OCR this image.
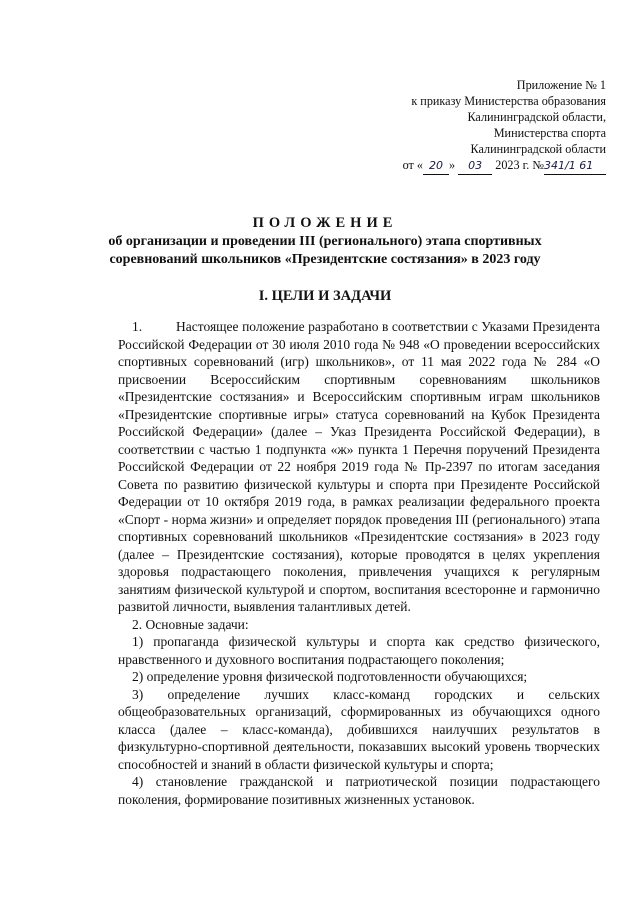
Приложение № 1
к приказу Министерства образования
Калининградской области,
Министерства спорта
Калининградской области
от « 20 » 03 2023 г. №341/1 61
ПОЛОЖЕНИЕ
об организации и проведении III (регионального) этапа спортивных
соревнований школьников «Президентские состязания» в 2023 году
I. ЦЕЛИ И ЗАДАЧИ

1.	Настоящее положение разработано в соответствии с Указами Президента Российской Федерации от 30 июля 2010 года № 948 «О проведении всероссийских спортивных соревнований (игр) школьников», от 11 мая 2022 года № 284 «О присвоении Всероссийским спортивным соревнованиям школьников «Президентские состязания» и Всероссийским спортивным играм школьников «Президентские спортивные игры» статуса соревнований на Кубок Президента Российской Федерации» (далее – Указ Президента Российской Федерации), в соответствии с частью 1 подпункта «ж» пункта 1 Перечня поручений Президента Российской Федерации от 22 ноября 2019 года № Пр-2397 по итогам заседания Совета по развитию физической культуры и спорта при Президенте Российской Федерации от 10 октября 2019 года, в рамках реализации федерального проекта «Спорт - норма жизни» и определяет порядок проведения III (регионального) этапа спортивных соревнований школьников «Президентские состязания» в 2023 году (далее – Президентские состязания), которые проводятся в целях укрепления здоровья подрастающего поколения, привлечения учащихся к регулярным занятиям физической культурой и спортом, воспитания всесторонне и гармонично развитой личности, выявления талантливых детей.

2. Основные задачи:

1) пропаганда физической культуры и спорта как средство физического, нравственного и духовного воспитания подрастающего поколения;

2) определение уровня физической подготовленности обучающихся;

3) определение лучших класс-команд городских и сельских общеобразовательных организаций, сформированных из обучающихся одного класса (далее – класс-команда), добившихся наилучших результатов в физкультурно-спортивной деятельности, показавших высокий уровень творческих способностей и знаний в области физической культуры и спорта;

4) становление гражданской и патриотической позиции подрастающего поколения, формирование позитивных жизненных установок.
